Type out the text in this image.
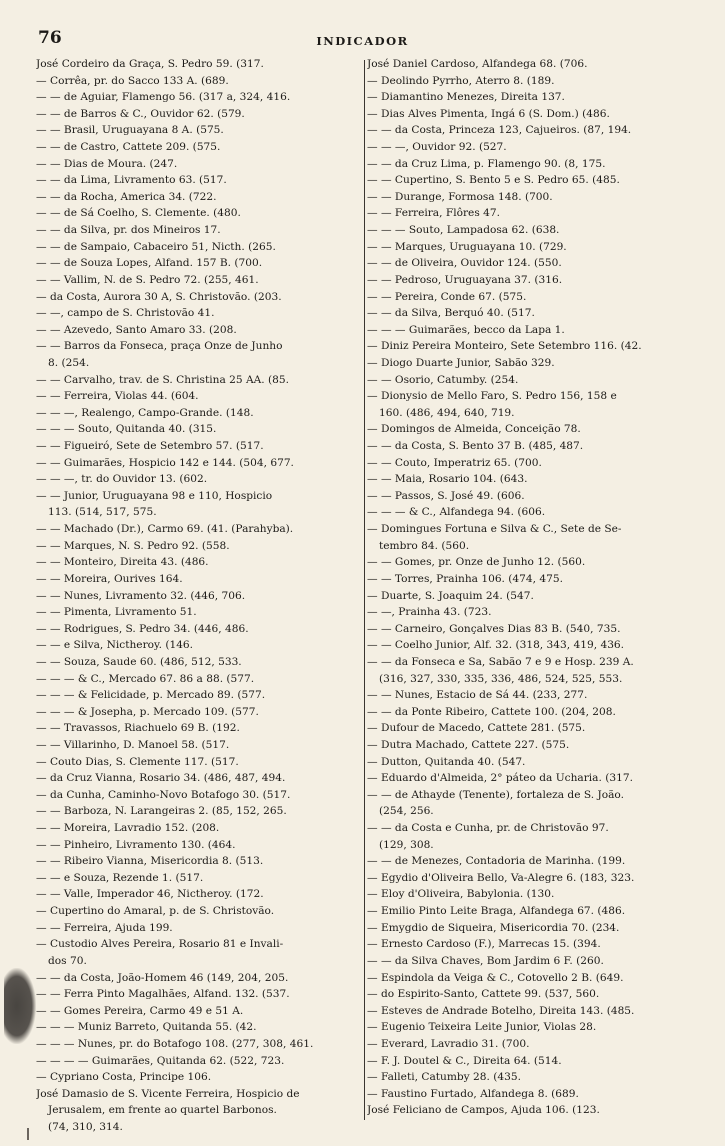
76	INDICADOR
José Cordeiro da Graça, S. Pedro 59. (317.
— Corrêa, pr. do Sacco 133 A. (689.
— — de Aguiar, Flamengo 56. (317 a, 324, 416.
— — de Barros & C., Ouvidor 62. (579.
— — Brasil, Uruguayana 8 A. (575.
— — de Castro, Cattete 209. (575.
— — Dias de Moura. (247.
— — da Lima, Livramento 63. (517.
— — da Rocha, America 34. (722.
— — de Sá Coelho, S. Clemente. (480.
— — da Silva, pr. dos Mineiros 17.
— — de Sampaio, Cabaceiro 51, Nicth. (265.
— — de Souza Lopes, Alfand. 157 B. (700.
— — Vallim, N. de S. Pedro 72. (255, 461.
— da Costa, Aurora 30 A, S. Christovão. (203.
— —, campo de S. Christovão 41.
— — Azevedo, Santo Amaro 33. (208.
— — Barros da Fonseca, praça Onze de Junho
8. (254.
— — Carvalho, trav. de S. Christina 25 AA. (85.
— — Ferreira, Violas 44. (604.
— — —, Realengo, Campo-Grande. (148.
— — — Souto, Quitanda 40. (315.
— — Figueiró, Sete de Setembro 57. (517.
— — Guimarães, Hospicio 142 e 144. (504, 677.
— — —, tr. do Ouvidor 13. (602.
— — Junior, Uruguayana 98 e 110, Hospicio
113. (514, 517, 575.
— — Machado (Dr.), Carmo 69. (41. (Parahyba).
— — Marques, N. S. Pedro 92. (558.
— — Monteiro, Direita 43. (486.
— — Moreira, Ourives 164.
— — Nunes, Livramento 32. (446, 706.
— — Pimenta, Livramento 51.
— — Rodrigues, S. Pedro 34. (446, 486.
— — e Silva, Nictheroy. (146.
— — Souza, Saude 60. (486, 512, 533.
— — — & C., Mercado 67. 86 a 88. (577.
— — — & Felicidade, p. Mercado 89. (577.
— — — & Josepha, p. Mercado 109. (577.
— — Travassos, Riachuelo 69 B. (192.
— — Villarinho, D. Manoel 58. (517.
— Couto Dias, S. Clemente 117. (517.
— da Cruz Vianna, Rosario 34. (486, 487, 494.
— da Cunha, Caminho-Novo Botafogo 30. (517.
— — Barboza, N. Larangeiras 2. (85, 152, 265.
— — Moreira, Lavradio 152. (208.
— — Pinheiro, Livramento 130. (464.
— — Ribeiro Vianna, Misericordia 8. (513.
— — e Souza, Rezende 1. (517.
— — Valle, Imperador 46, Nictheroy. (172.
— Cupertino do Amaral, p. de S. Christovão.
— — Ferreira, Ajuda 199.
— Custodio Alves Pereira, Rosario 81 e Invali-
dos 70.
— — da Costa, João-Homem 46 (149, 204, 205.
— — Ferra Pinto Magalhães, Alfand. 132. (537.
— — Gomes Pereira, Carmo 49 e 51 A.
— — — Muniz Barreto, Quitanda 55. (42.
— — — Nunes, pr. do Botafogo 108. (277, 308, 461.
— — — — Guimarães, Quitanda 62. (522, 723.
— Cypriano Costa, Principe 106.
José Damasio de S. Vicente Ferreira, Hospicio de
Jerusalem, em frente ao quartel Barbonos.
(74, 310, 314.
José Daniel Cardoso, Alfandega 68. (706.
— Deolindo Pyrrho, Aterro 8. (189.
— Diamantino Menezes, Direita 137.
— Dias Alves Pimenta, Ingá 6 (S. Dom.) (486.
— — da Costa, Princeza 123, Cajueiros. (87, 194.
— — —, Ouvidor 92. (527.
— — da Cruz Lima, p. Flamengo 90. (8, 175.
— — Cupertino, S. Bento 5 e S. Pedro 65. (485.
— — Durange, Formosa 148. (700.
— — Ferreira, Flôres 47.
— — — Souto, Lampadosa 62. (638.
— — Marques, Uruguayana 10. (729.
— — de Oliveira, Ouvidor 124. (550.
— — Pedroso, Uruguayana 37. (316.
— — Pereira, Conde 67. (575.
— — da Silva, Berquó 40. (517.
— — — Guimarães, becco da Lapa 1.
— Diniz Pereira Monteiro, Sete Setembro 116. (42.
— Diogo Duarte Junior, Sabão 329.
— — Osorio, Catumby. (254.
— Dionysio de Mello Faro, S. Pedro 156, 158 e
160. (486, 494, 640, 719.
— Domingos de Almeida, Conceição 78.
— — da Costa, S. Bento 37 B. (485, 487.
— — Couto, Imperatriz 65. (700.
— — Maia, Rosario 104. (643.
— — Passos, S. José 49. (606.
— — — & C., Alfandega 94. (606.
— Domingues Fortuna e Silva & C., Sete de Se-
tembro 84. (560.
— — Gomes, pr. Onze de Junho 12. (560.
— — Torres, Prainha 106. (474, 475.
— Duarte, S. Joaquim 24. (547.
— —, Prainha 43. (723.
— — Carneiro, Gonçalves Dias 83 B. (540, 735.
— — Coelho Junior, Alf. 32. (318, 343, 419, 436.
— — da Fonseca e Sa, Sabão 7 e 9 e Hosp. 239 A.
(316, 327, 330, 335, 336, 486, 524, 525, 553.
— — Nunes, Estacio de Sá 44. (233, 277.
— — da Ponte Ribeiro, Cattete 100. (204, 208.
— Dufour de Macedo, Cattete 281. (575.
— Dutra Machado, Cattete 227. (575.
— Dutton, Quitanda 40. (547.
— Eduardo d'Almeida, 2° páteo da Ucharia. (317.
— — de Athayde (Tenente), fortaleza de S. João.
(254, 256.
— — da Costa e Cunha, pr. de Christovão 97.
(129, 308.
— — de Menezes, Contadoria de Marinha. (199.
— Egydio d'Oliveira Bello, Va-Alegre 6. (183, 323.
— Eloy d'Oliveira, Babylonia. (130.
— Emilio Pinto Leite Braga, Alfandega 67. (486.
— Emygdio de Siqueira, Misericordia 70. (234.
— Ernesto Cardoso (F.), Marrecas 15. (394.
— — da Silva Chaves, Bom Jardim 6 F. (260.
— Espindola da Veiga & C., Cotovello 2 B. (649.
— do Espirito-Santo, Cattete 99. (537, 560.
— Esteves de Andrade Botelho, Direita 143. (485.
— Eugenio Teixeira Leite Junior, Violas 28.
— Everard, Lavradio 31. (700.
— F. J. Doutel & C., Direita 64. (514.
— Falleti, Catumby 28. (435.
— Faustino Furtado, Alfandega 8. (689.
José Feliciano de Campos, Ajuda 106. (123.
